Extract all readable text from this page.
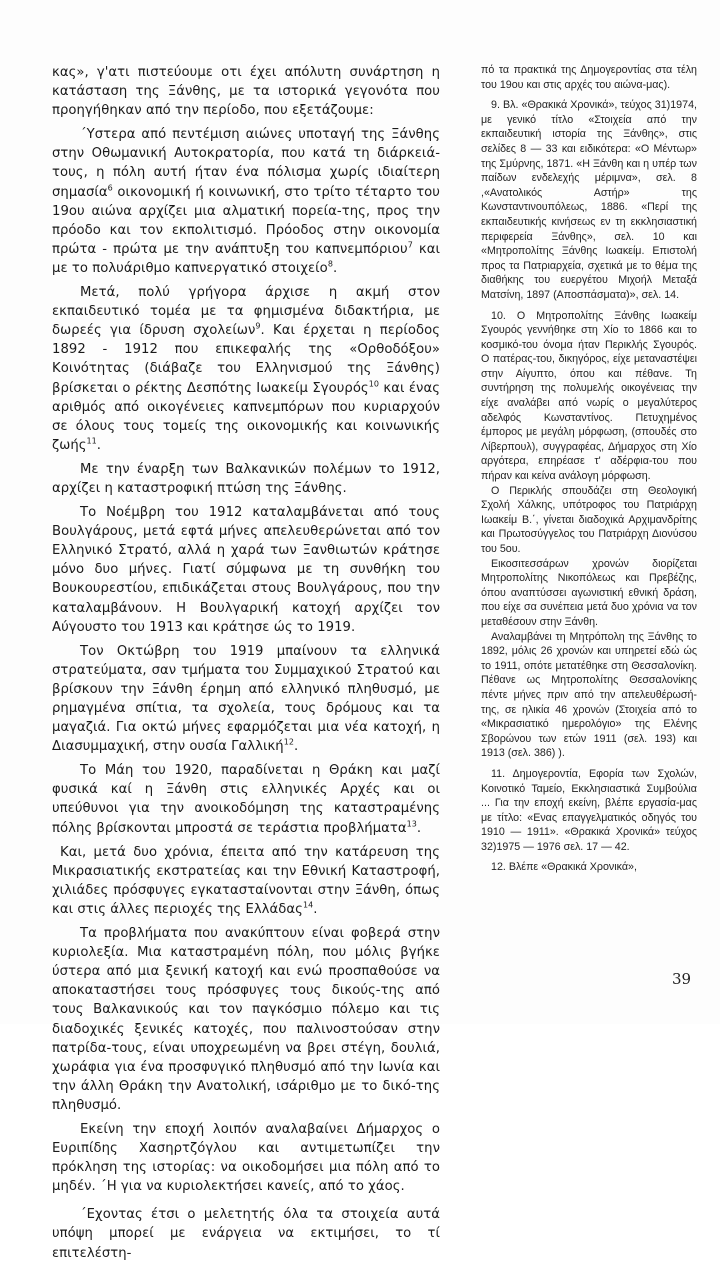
κας», γ'ατι πιστεύουμε οτι έχει απόλυτη συνάρτηση η κατάσταση της Ξάνθης, με τα ιστορικά γεγονότα που προηγήθηκαν από την περίοδο, που εξετάζουμε:

΄Υστερα από πεντέμιση αιώνες υποταγή της Ξάνθης στην Οθωμανική Αυτοκρατορία, που κατά τη διάρκειά-τους, η πόλη αυτή ήταν ένα πόλισμα χωρίς ιδιαίτερη σημασία$^6$ οικονομική ή κοινωνική, στο τρίτο τέταρτο του 19ου αιώνα αρχίζει μια αλματική πορεία-της, προς την πρόοδο και τον εκπολιτισμό. Πρόοδος στην οικονομία πρώτα - πρώτα με την ανάπτυξη του καπνεμπόριου$^7$ και με το πολυάριθμο καπνεργατικό στοιχείο$^8$.

Μετά, πολύ γρήγορα άρχισε η ακμή στον εκπαιδευτικό τομέα με τα φημισμένα διδακτήρια, με δωρεές για ίδρυση σχολείων$^9$. Και έρχεται η περίοδος 1892 - 1912 που επικεφαλής της «Ορθοδόξου» Κοινότητας (διάβαζε του Ελληνισμού της Ξάνθης) βρίσκεται ο ρέκτης Δεσπότης Ιωακείμ Σγουρός$^{10}$ και ένας αριθμός από οικογένειες καπνεμπόρων που κυριαρχούν σε όλους τους τομείς της οικονομικής και κοινωνικής ζωής$^{11}$.

Με την έναρξη των Βαλκανικών πολέμων το 1912, αρχίζει η καταστροφική πτώση της Ξάνθης.

Το Νοέμβρη του 1912 καταλαμβάνεται από τους Βουλγάρους, μετά εφτά μήνες απελευθερώνεται από τον Ελληνικό Στρατό, αλλά η χαρά των Ξανθιωτών κράτησε μόνο δυο μήνες. Γιατί σύμφωνα με τη συνθήκη του Βουκουρεστίου, επιδικάζεται στους Βουλγάρους, που την καταλαμβάνουν. Η Βουλγαρική κατοχή αρχίζει τον Αύγουστο του 1913 και κράτησε ώς το 1919.

Τον Οκτώβρη του 1919 μπαίνουν τα ελληνικά στρατεύματα, σαν τμήματα του Συμμαχικού Στρατού και βρίσκουν την Ξάνθη έρημη από ελληνικό πληθυσμό, με ρημαγμένα σπίτια, τα σχολεία, τους δρόμους και τα μαγαζιά. Για οκτώ μήνες εφαρμόζεται μια νέα κατοχή, η Διασυμμαχική, στην ουσία Γαλλική$^{12}$.

Το Μάη του 1920, παραδίνεται η Θράκη και μαζί φυσικά καί η Ξάνθη στις ελληνικές Αρχές και οι υπεύθυνοι για την ανοικοδόμηση της καταστραμένης πόλης βρίσκονται μπροστά σε τεράστια προβλήματα$^{13}$.

Και, μετά δυο χρόνια, έπειτα από την κατάρευση της Μικρασιατικής εκστρατείας και την Εθνική Καταστροφή, χιλιάδες πρόσφυγες εγκατασταίνονται στην Ξάνθη, όπως και στις άλλες περιοχές της Ελλάδας$^{14}$.

Τα προβλήματα που ανακύπτουν είναι φοβερά στην κυριολεξία. Μια καταστραμένη πόλη, που μόλις βγήκε ύστερα από μια ξενική κατοχή και ενώ προσπαθούσε να αποκαταστήσει τους πρόσφυγες τους δικούς-της από τους Βαλκανικούς και τον παγκόσμιο πόλεμο και τις διαδοχικές ξενικές κατοχές, που παλινοστούσαν στην πατρίδα-τους, είναι υποχρεωμένη να βρει στέγη, δουλιά, χωράφια για ένα προσφυγικό πληθυσμό από την Ιωνία και την άλλη Θράκη την Ανατολική, ισάριθμο με το δικό-της πληθυσμό.

Εκείνη την εποχή λοιπόν αναλαβαίνει Δήμαρχος ο Ευριπίδης Χασηρτζόγλου και αντιμετωπίζει την πρόκληση της ιστορίας: να οικοδομήσει μια πόλη από το μηδέν. ΄Η για να κυριολεκτήσει κανείς, από το χάος.

΄Εχοντας έτσι ο μελετητής όλα τα στοιχεία αυτά υπόψη μπορεί με ενάργεια να εκτιμήσει, το τί επιτελέστη-

πό τα πρακτικά της Δημογεροντίας στα τέλη του 19ου και στις αρχές του αιώνα-μας).

9. Βλ. «Θρακικά Χρονικά», τεύχος 31)1974, με γενικό τίτλο «Στοιχεία από την εκπαιδευτική ιστορία της Ξάνθης», στις σελίδες 8 — 33 και ειδικότερα: «Ο Μέντωρ» της Σμύρνης, 1871. «Η Ξάνθη και η υπέρ των παίδων ενδελεχής μέριμνα», σελ. 8 ,«Ανατολικός Αστήρ» της Κωνσταντινουπόλεως, 1886. «Περί της εκπαιδευτικής κινήσεως εν τη εκκλησιαστική περιφερεία Ξάνθης», σελ. 10 και «Μητροπολίτης Ξάνθης Ιωακείμ. Επιστολή προς τα Πατριαρχεία, σχετικά με το θέμα της διαθήκης του ευεργέτου Μιχοήλ Μεταξά Ματσίνη, 1897 (Αποσπάσματα)», σελ. 14.

10. Ο Μητροπολίτης Ξάνθης Ιωακείμ Σγουρός γεννήθηκε στη Χίο το 1866 και το κοσμικό-του όνομα ήταν Περικλής Σγουρός. Ο πατέρας-του, δικηγόρος, είχε μεταναστέψει στην Αίγυπτο, όπου και πέθανε. Τη συντήρηση της πολυμελής οικογένειας την είχε αναλάβει από νωρίς ο μεγαλύτερος αδελφός Κωνσταντίνος. Πετυχημένος έμπορος με μεγάλη μόρφωση, (σπουδές στο Λίβερπουλ), συγγραφέας, Δήμαρχος στη Χίο αργότερα, επηρέασε τ' αδέρφια-του που πήραν και κείνα ανάλογη μόρφωση.

Ο Περικλής σπουδάζει στη Θεολογική Σχολή Χάλκης, υπότροφος του Πατριάρχη Ιωακείμ Β.΄, γίνεται διαδοχικά Αρχιμανδρίτης και Πρωτοσύγγελος του Πατριάρχη Διονύσου του 5ου.

Εικοσιτεσσάρων χρονών διορίζεται Μητροπολίτης Νικοπόλεως και Πρεβέζης, όπου αναπτύσσει αγωνιστική εθνική δράση, που είχε σα συνέπεια μετά δυο χρόνια να τον μεταθέσουν στην Ξάνθη.

Αναλαμβάνει τη Μητρόπολη της Ξάνθης το 1892, μόλις 26 χρονών και υπηρετεί εδώ ώς το 1911, οπότε μετατέθηκε στη Θεσσαλονίκη. Πέθανε ως Μητροπολίτης Θεσσαλονίκης πέντε μήνες πριν από την απελευθέρωσή-της, σε ηλικία 46 χρονών (Στοιχεία από το «Μικρασιατικό ημερολόγιο» της Ελένης Σβορώνου των ετών 1911 (σελ. 193) και 1913 (σελ. 386) ).

11. Δημογεροντία, Εφορία των Σχολών, Κοινοτικό Ταμείο, Εκκλησιαστικά Συμβούλια ... Για την εποχή εκείνη, βλέπε εργασία-μας με τίτλο: «Ενας επαγγελματικός οδηγός του 1910 — 1911». «Θρακικά Χρονικά» τεύχος 32)1975 — 1976 σελ. 17 — 42.

12. Βλέπε «Θρακικά Χρονικά»,

39
